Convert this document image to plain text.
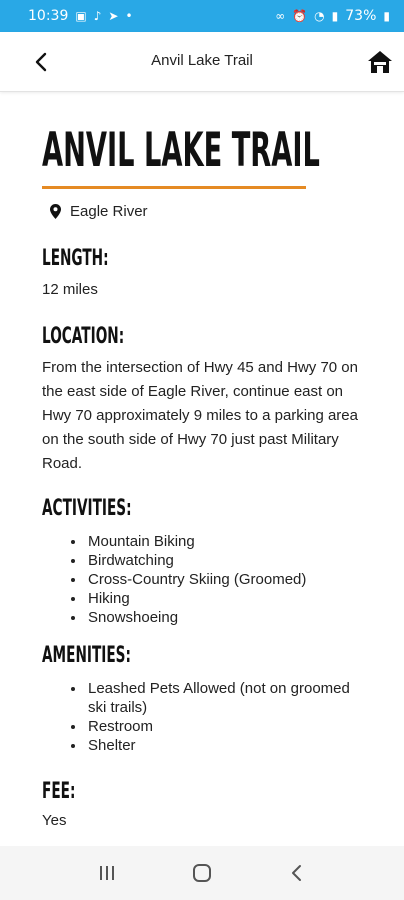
10:39 ▣ ♪ ➤ •	∞ ⏰ ◔ ▮ 73% ▮
Anvil Lake Trail
ANVIL LAKE TRAIL
Eagle River
LENGTH:
12 miles
LOCATION:
From the intersection of Hwy 45 and Hwy 70 on the east side of Eagle River, continue east on Hwy 70 approximately 9 miles to a parking area on the south side of Hwy 70 just past Military Road.
ACTIVITIES:
• Mountain Biking
• Birdwatching
• Cross-Country Skiing (Groomed)
• Hiking
• Snowshoeing
AMENITIES:
• Leashed Pets Allowed (not on groomed ski trails)
• Restroom
• Shelter
FEE:
Yes
